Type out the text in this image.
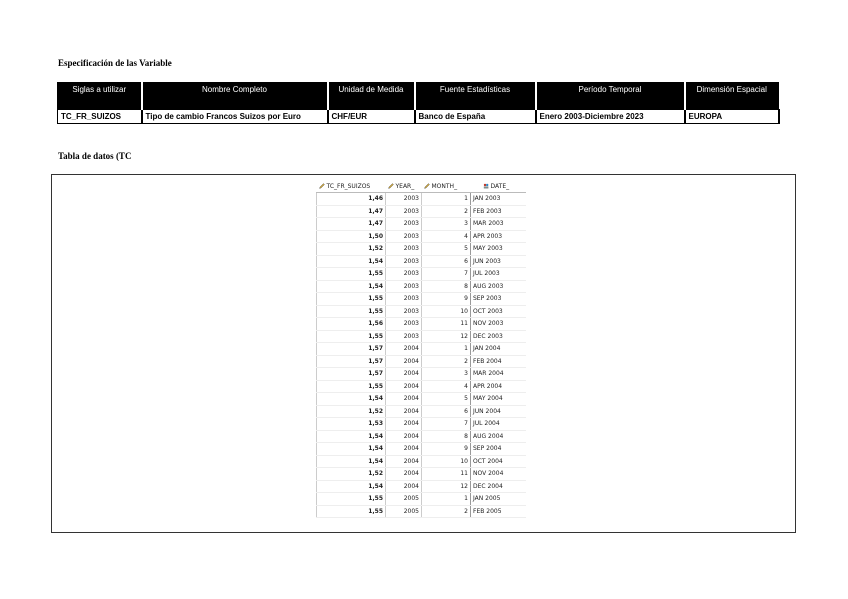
Especificación de las Variable
Siglas a utilizar	Nombre Completo	Unidad de Medida	Fuente Estadísticas	Período Temporal	Dimensión Espacial
TC_FR_SUIZOS	Tipo de cambio Francos Suizos por Euro	CHF/EUR	Banco de España	Enero 2003-Diciembre 2023	EUROPA
Tabla de datos (TC
TC_FR_SUIZOS	YEAR_	MONTH_	DATE_
1,46	2003	1	JAN 2003
1,47	2003	2	FEB 2003
1,47	2003	3	MAR 2003
1,50	2003	4	APR 2003
1,52	2003	5	MAY 2003
1,54	2003	6	JUN 2003
1,55	2003	7	JUL 2003
1,54	2003	8	AUG 2003
1,55	2003	9	SEP 2003
1,55	2003	10	OCT 2003
1,56	2003	11	NOV 2003
1,55	2003	12	DEC 2003
1,57	2004	1	JAN 2004
1,57	2004	2	FEB 2004
1,57	2004	3	MAR 2004
1,55	2004	4	APR 2004
1,54	2004	5	MAY 2004
1,52	2004	6	JUN 2004
1,53	2004	7	JUL 2004
1,54	2004	8	AUG 2004
1,54	2004	9	SEP 2004
1,54	2004	10	OCT 2004
1,52	2004	11	NOV 2004
1,54	2004	12	DEC 2004
1,55	2005	1	JAN 2005
1,55	2005	2	FEB 2005
